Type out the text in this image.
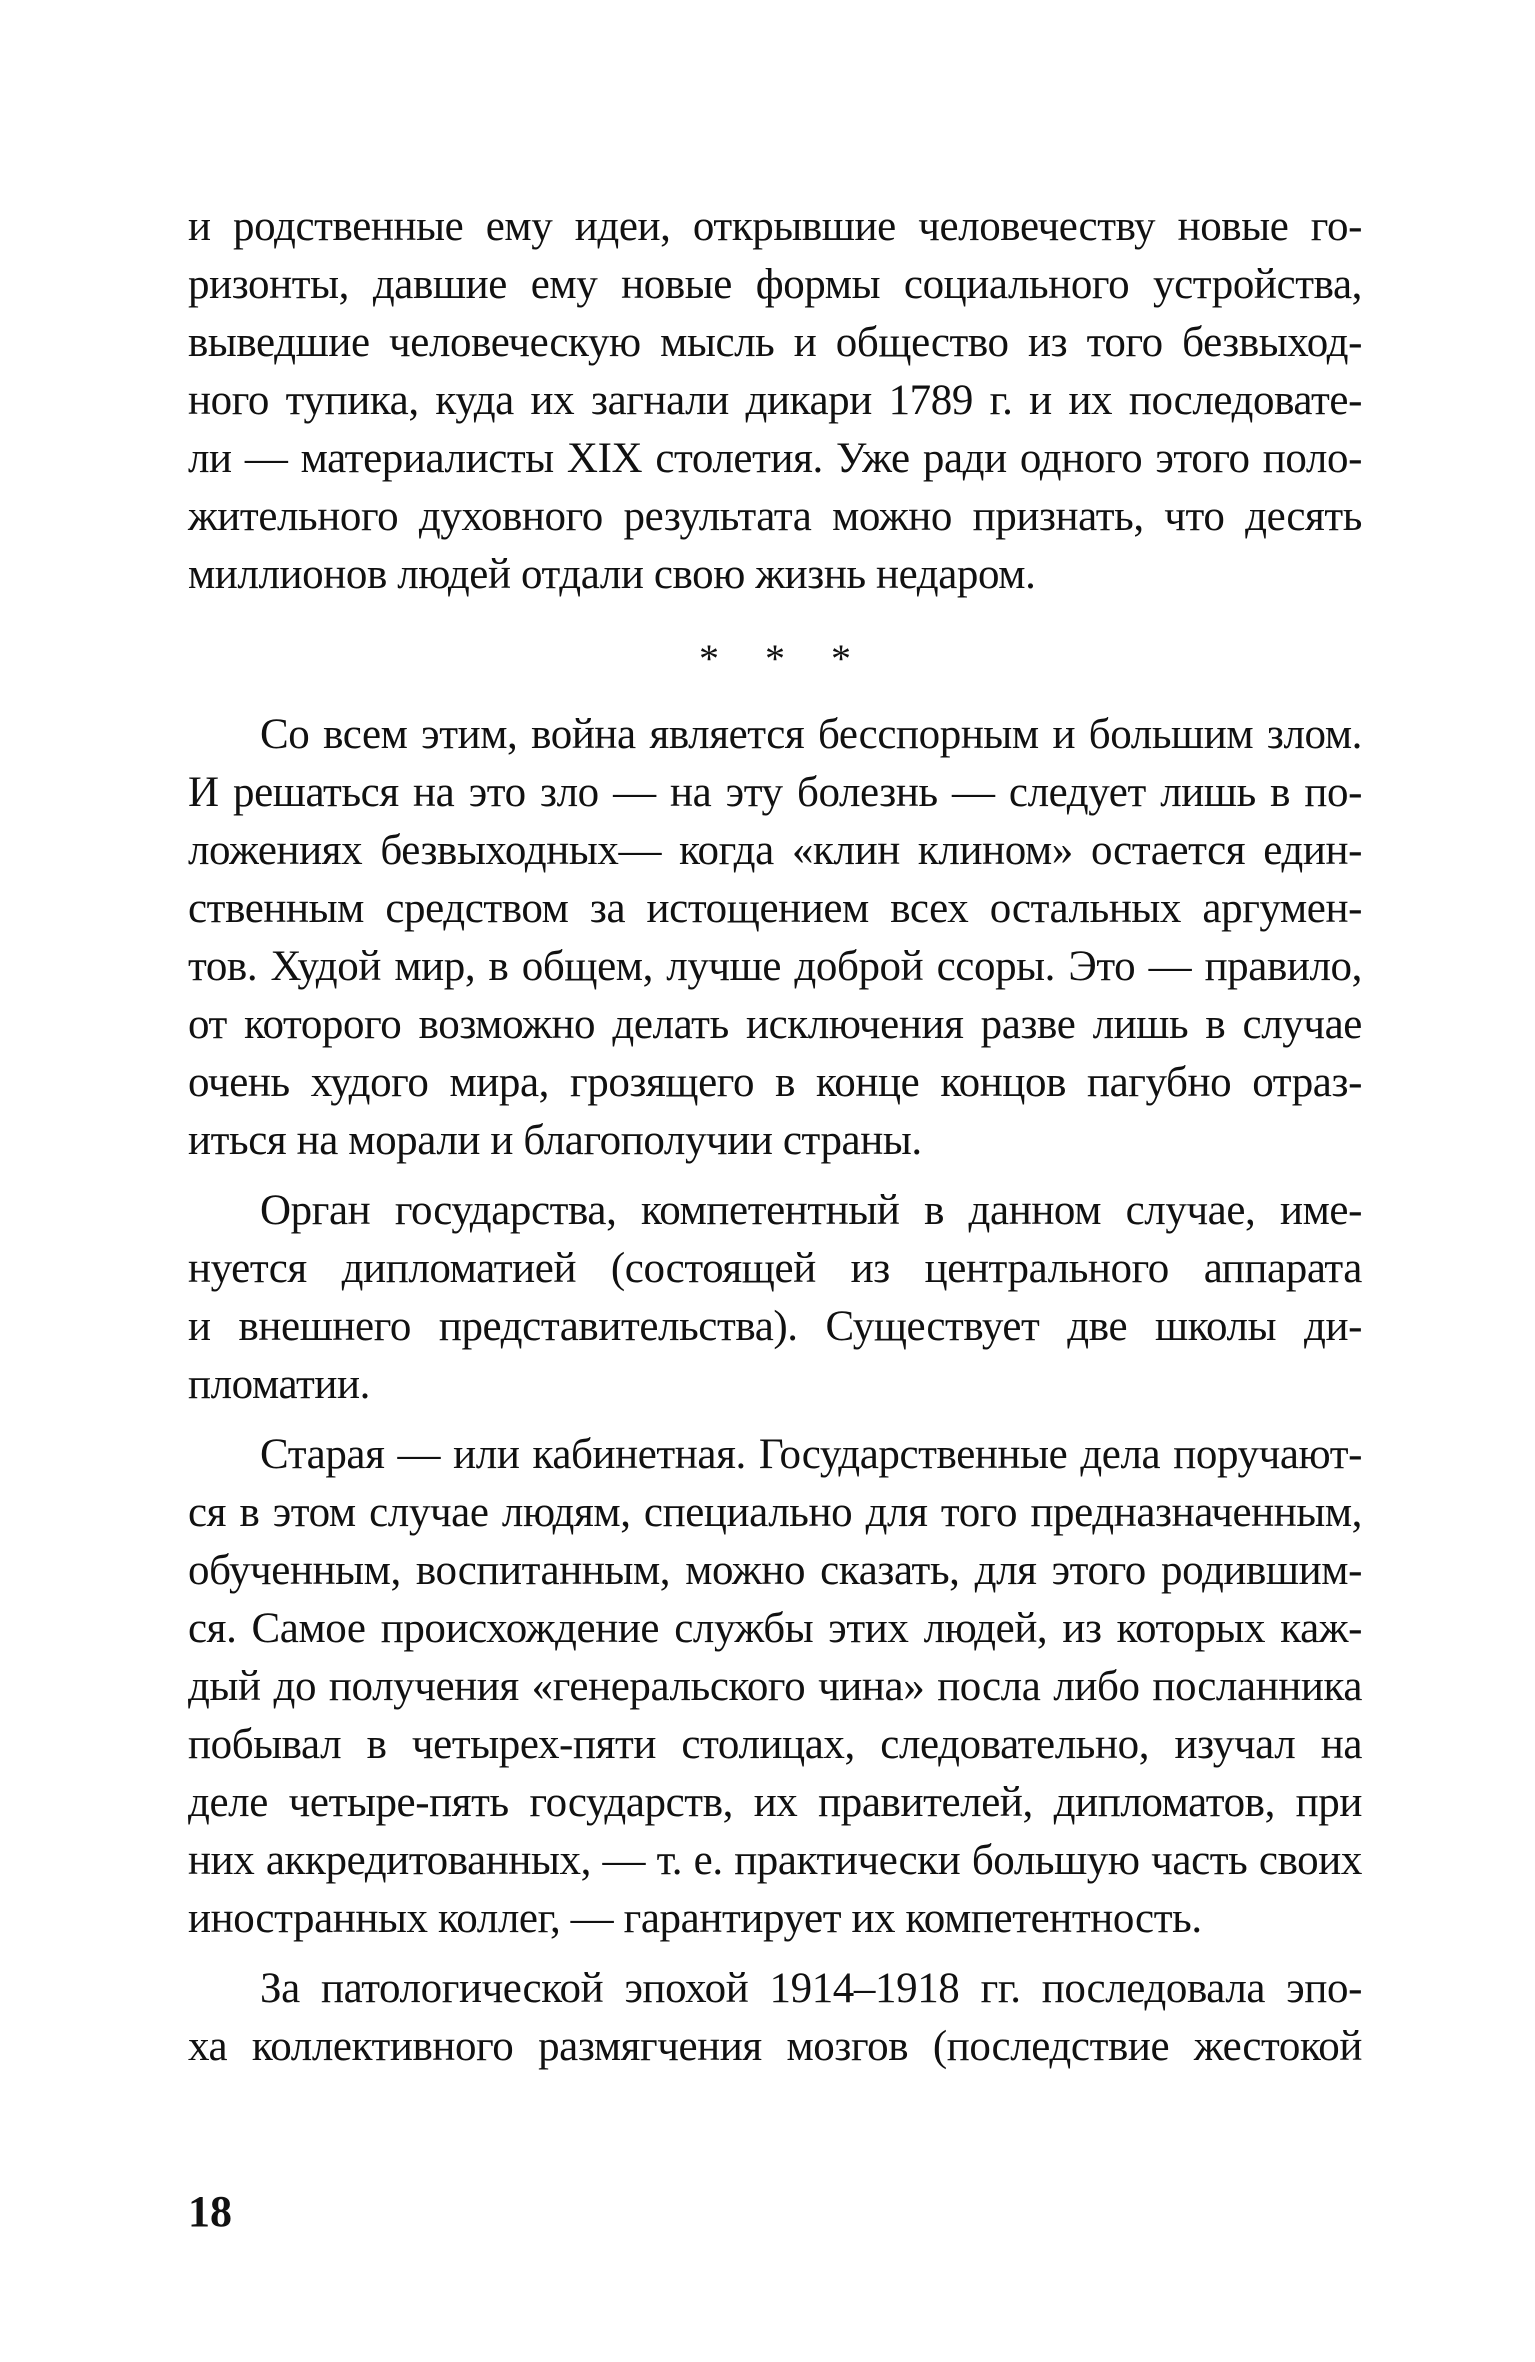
и родственные ему идеи, открывшие человечеству новые го-
ризонты, давшие ему новые формы социального устройства,
выведшие человеческую мысль и общество из того безвыход-
ного тупика, куда их загнали дикари 1789 г. и их последовате-
ли — материалисты XIX столетия. Уже ради одного этого поло-
жительного духовного результата можно признать, что десять
миллионов людей отдали свою жизнь недаром.
* * *
Со всем этим, война является бесспорным и большим злом.
И решаться на это зло — на эту болезнь — следует лишь в по-
ложениях безвыходных— когда «клин клином» остается един-
ственным средством за истощением всех остальных аргумен-
тов. Худой мир, в общем, лучше доброй ссоры. Это — правило,
от которого возможно делать исключения разве лишь в случае
очень худого мира, грозящего в конце концов пагубно отраз-
иться на морали и благополучии страны.
Орган государства, компетентный в данном случае, име-
нуется дипломатией (состоящей из центрального аппарата
и внешнего представительства). Существует две школы ди-
пломатии.
Старая — или кабинетная. Государственные дела поручают-
ся в этом случае людям, специально для того предназначенным,
обученным, воспитанным, можно сказать, для этого родившим-
ся. Самое происхождение службы этих людей, из которых каж-
дый до получения «генеральского чина» посла либо посланника
побывал в четырех-пяти столицах, следовательно, изучал на
деле четыре-пять государств, их правителей, дипломатов, при
них аккредитованных, — т. е. практически большую часть своих
иностранных коллег, — гарантирует их компетентность.
За патологической эпохой 1914–1918 гг. последовала эпо-
ха коллективного размягчения мозгов (последствие жестокой
18
